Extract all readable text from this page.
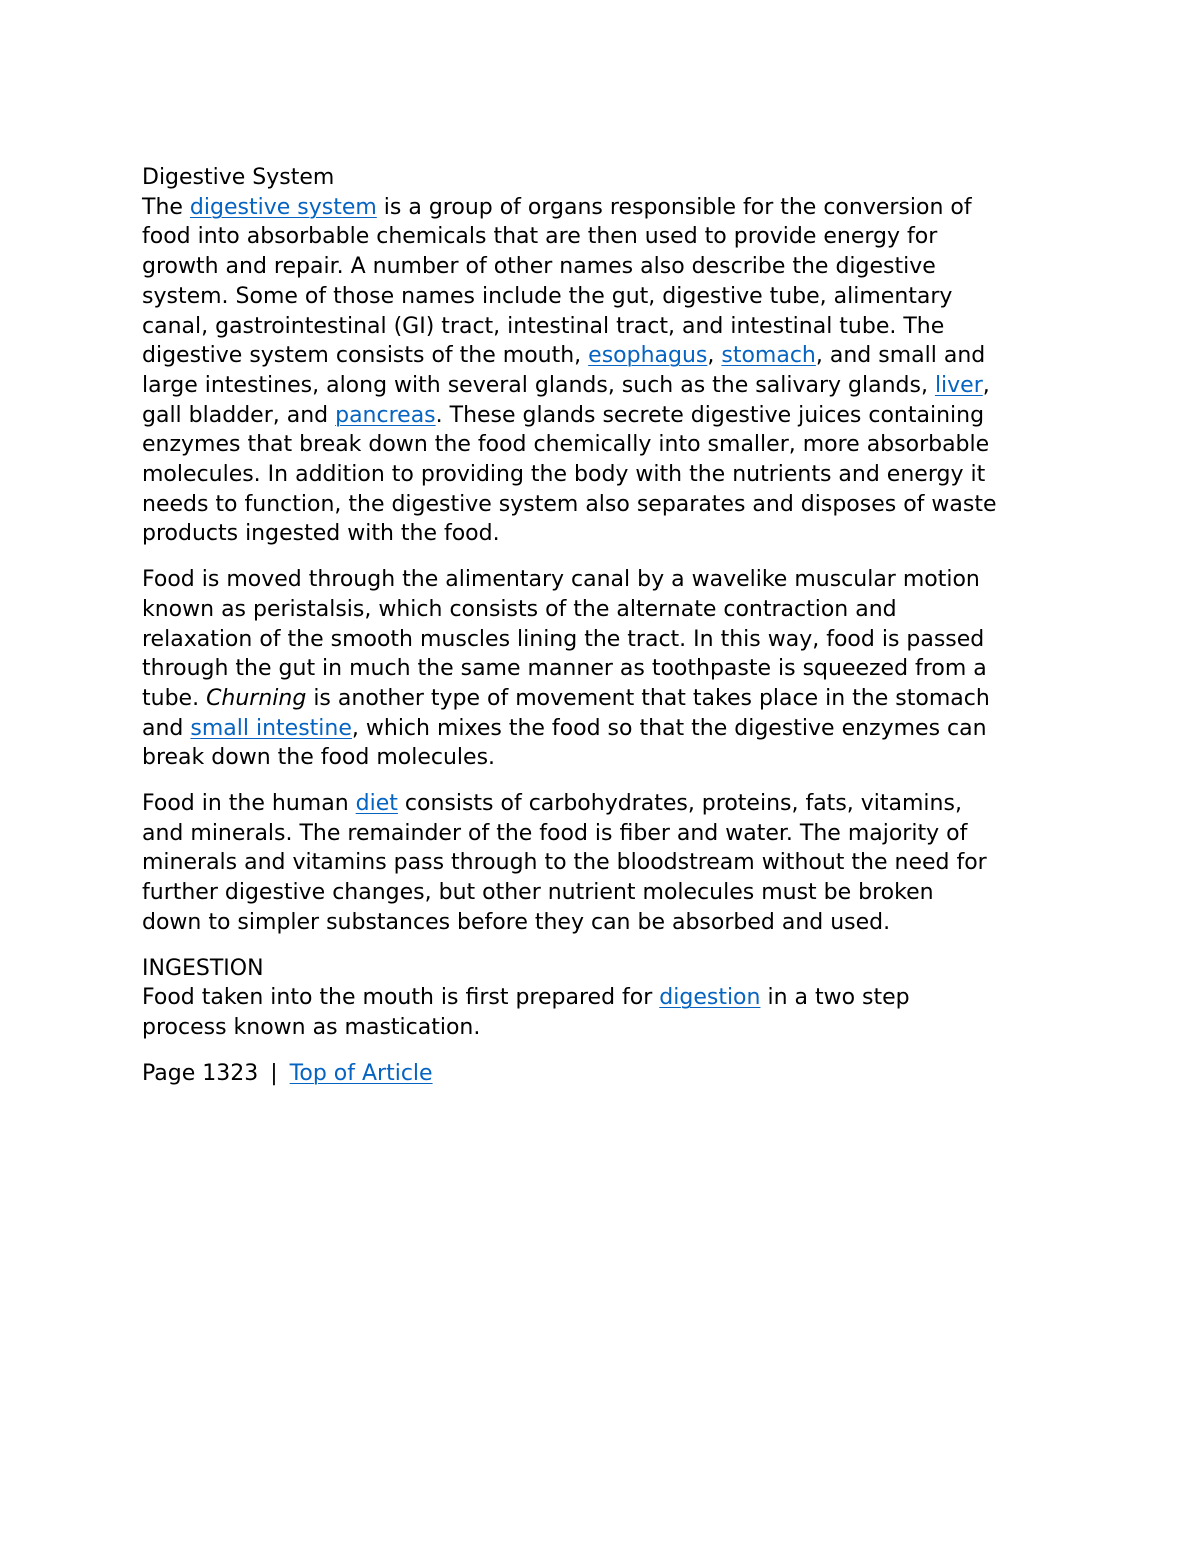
Digestive System
The digestive system is a group of organs responsible for the conversion of
food into absorbable chemicals that are then used to provide energy for
growth and repair. A number of other names also describe the digestive
system. Some of those names include the gut, digestive tube, alimentary
canal, gastrointestinal (GI) tract, intestinal tract, and intestinal tube. The
digestive system consists of the mouth, esophagus, stomach, and small and
large intestines, along with several glands, such as the salivary glands, liver,
gall bladder, and pancreas. These glands secrete digestive juices containing
enzymes that break down the food chemically into smaller, more absorbable
molecules. In addition to providing the body with the nutrients and energy it
needs to function, the digestive system also separates and disposes of waste
products ingested with the food.
Food is moved through the alimentary canal by a wavelike muscular motion
known as peristalsis, which consists of the alternate contraction and
relaxation of the smooth muscles lining the tract. In this way, food is passed
through the gut in much the same manner as toothpaste is squeezed from a
tube. Churning is another type of movement that takes place in the stomach
and small intestine, which mixes the food so that the digestive enzymes can
break down the food molecules.
Food in the human diet consists of carbohydrates, proteins, fats, vitamins,
and minerals. The remainder of the food is fiber and water. The majority of
minerals and vitamins pass through to the bloodstream without the need for
further digestive changes, but other nutrient molecules must be broken
down to simpler substances before they can be absorbed and used.
INGESTION
Food taken into the mouth is first prepared for digestion in a two step
process known as mastication.
Page 1323 | Top of Article
